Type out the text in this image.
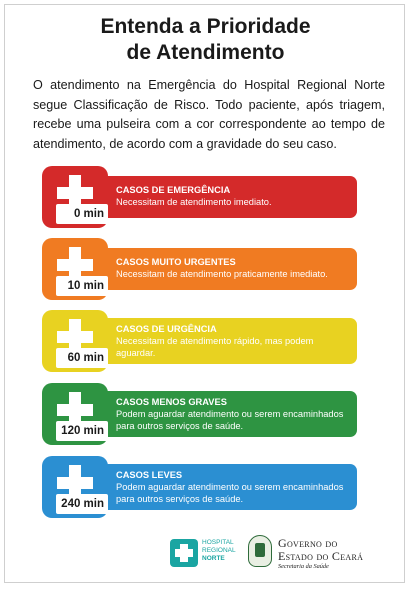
Entenda a Prioridade
de Atendimento
O atendimento na Emergência do Hospital Regional Norte segue Classificação de Risco. Todo paciente, após triagem, recebe uma pulseira com a cor correspondente ao tempo de atendimento, de acordo com a gravidade do seu caso.
CASOS DE EMERGÊNCIA
Necessitam de atendimento imediato.
0 min
CASOS MUITO URGENTES
Necessitam de atendimento praticamente imediato.
10 min
CASOS DE URGÊNCIA
Necessitam de atendimento rápido, mas podem aguardar.
60 min
CASOS MENOS GRAVES
Podem aguardar atendimento ou serem encaminhados para outros serviços de saúde.
120 min
CASOS LEVES
Podem aguardar atendimento ou serem encaminhados para outros serviços de saúde.
240 min
HOSPITAL
REGIONAL
NORTE
Governo do
Estado do Ceará
Secretaria da Saúde
